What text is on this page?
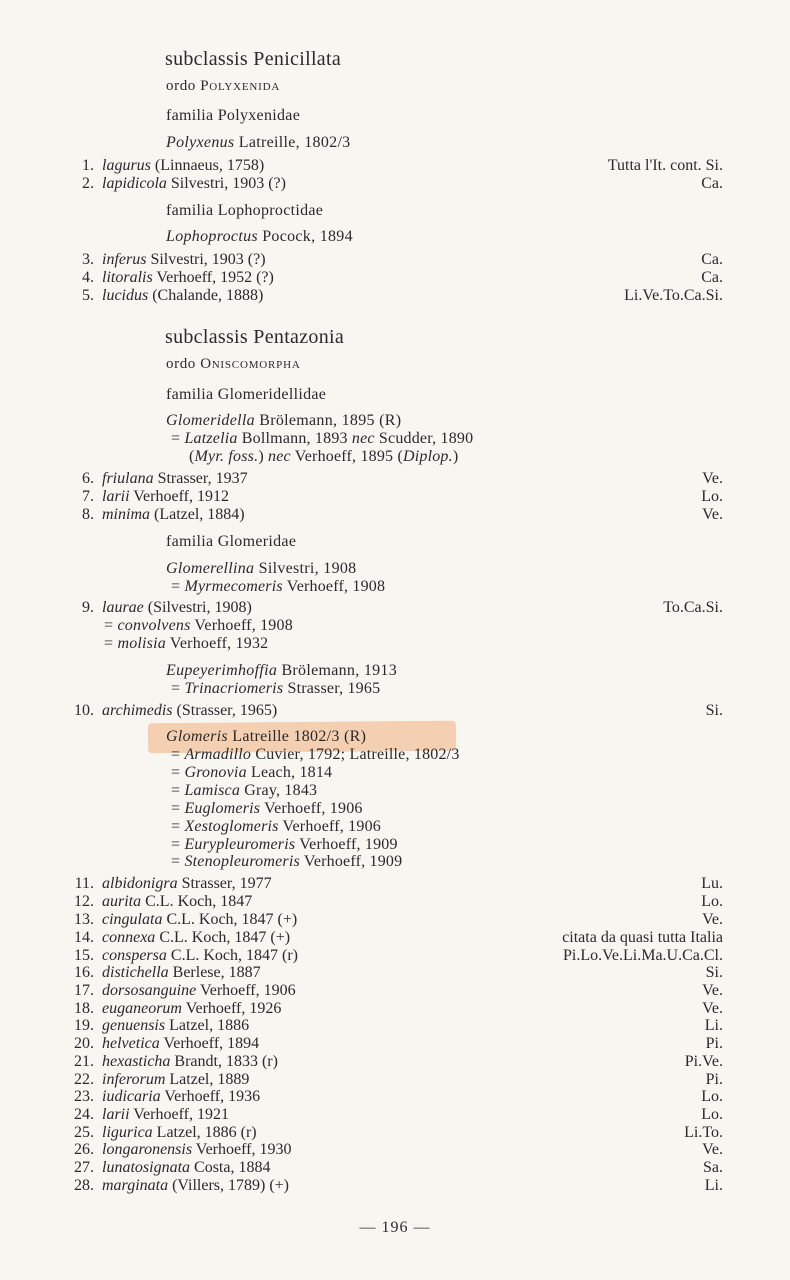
subclassis Penicillata
ordo POLYXENIDA
familia Polyxenidae
Polyxenus Latreille, 1802/3
1. lagurus (Linnaeus, 1758)	Tutta l'It. cont. Si.
2. lapidicola Silvestri, 1903 (?)	Ca.
familia Lophoproctidae
Lophoproctus Pocock, 1894
3. inferus Silvestri, 1903 (?)	Ca.
4. litoralis Verhoeff, 1952 (?)	Ca.
5. lucidus (Chalande, 1888)	Li.Ve.To.Ca.Si.
subclassis Pentazonia
ordo ONISCOMORPHA
familia Glomeridellidae
Glomeridella Brölemann, 1895 (R)
= Latzelia Bollmann, 1893 nec Scudder, 1890
(Myr. foss.) nec Verhoeff, 1895 (Diplop.)
6. friulana Strasser, 1937	Ve.
7. larii Verhoeff, 1912	Lo.
8. minima (Latzel, 1884)	Ve.
familia Glomeridae
Glomerellina Silvestri, 1908
= Myrmecomeris Verhoeff, 1908
9. laurae (Silvestri, 1908)	To.Ca.Si.
= convolvens Verhoeff, 1908
= molisia Verhoeff, 1932
Eupeyerimhoffia Brölemann, 1913
= Trinacriomeris Strasser, 1965
10. archimedis (Strasser, 1965)	Si.
Glomeris Latreille 1802/3 (R)
= Armadillo Cuvier, 1792; Latreille, 1802/3
= Gronovia Leach, 1814
= Lamisca Gray, 1843
= Euglomeris Verhoeff, 1906
= Xestoglomeris Verhoeff, 1906
= Eurypleuromeris Verhoeff, 1909
= Stenopleuromeris Verhoeff, 1909
11. albidonigra Strasser, 1977	Lu.
12. aurita C.L. Koch, 1847	Lo.
13. cingulata C.L. Koch, 1847 (+)	Ve.
14. connexa C.L. Koch, 1847 (+)	citata da quasi tutta Italia
15. conspersa C.L. Koch, 1847 (r)	Pi.Lo.Ve.Li.Ma.U.Ca.Cl.
16. distichella Berlese, 1887	Si.
17. dorsosanguine Verhoeff, 1906	Ve.
18. euganeorum Verhoeff, 1926	Ve.
19. genuensis Latzel, 1886	Li.
20. helvetica Verhoeff, 1894	Pi.
21. hexasticha Brandt, 1833 (r)	Pi.Ve.
22. inferorum Latzel, 1889	Pi.
23. iudicaria Verhoeff, 1936	Lo.
24. larii Verhoeff, 1921	Lo.
25. ligurica Latzel, 1886 (r)	Li.To.
26. longaronensis Verhoeff, 1930	Ve.
27. lunatosignata Costa, 1884	Sa.
28. marginata (Villers, 1789) (+)	Li.
— 196 —
